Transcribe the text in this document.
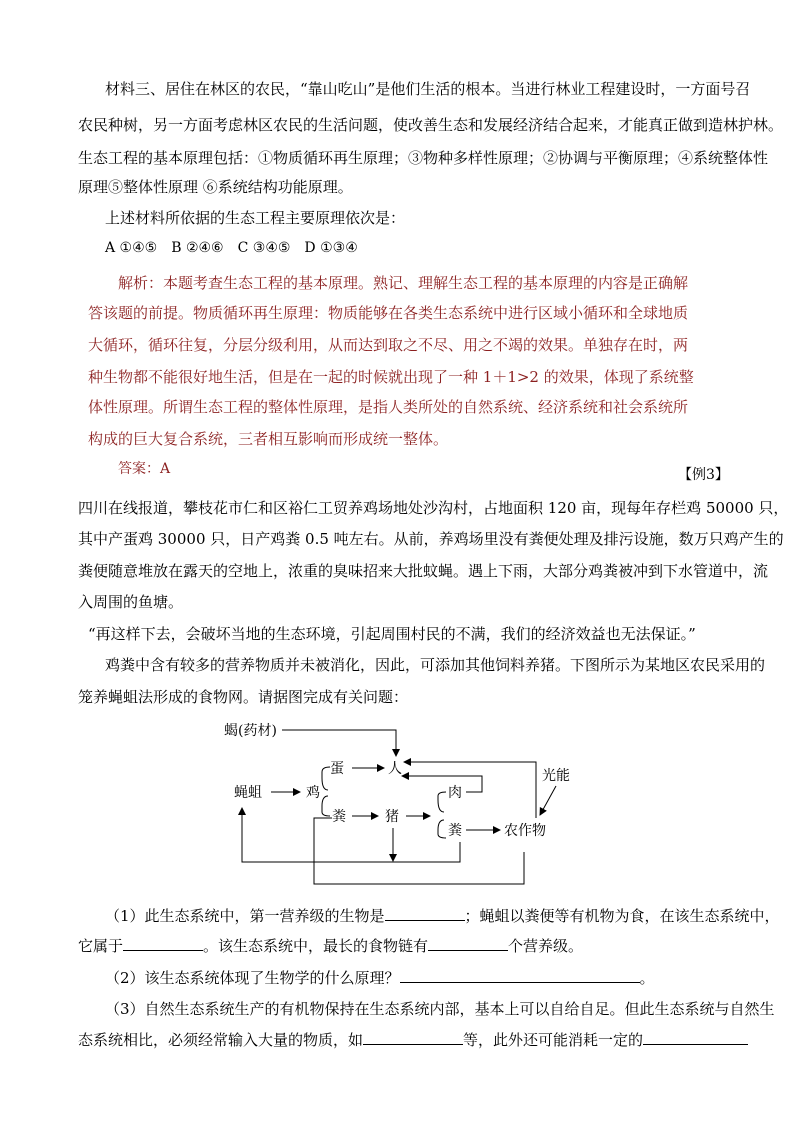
材料三、居住在林区的农民，“靠山吃山”是他们生活的根本。当进行林业工程建设时，一方面号召
农民种树，另一方面考虑林区农民的生活问题，使改善生态和发展经济结合起来，才能真正做到造林护林。
生态工程的基本原理包括：①物质循环再生原理；③物种多样性原理；②协调与平衡原理；④系统整体性
原理⑤整体性原理 ⑥系统结构功能原理。
上述材料所依据的生态工程主要原理依次是：
A ①④⑤　B ②④⑥　C ③④⑤　D ①③④
解析：本题考查生态工程的基本原理。熟记、理解生态工程的基本原理的内容是正确解
答该题的前提。物质循环再生原理：物质能够在各类生态系统中进行区域小循环和全球地质
大循环，循环往复，分层分级利用，从而达到取之不尽、用之不竭的效果。单独存在时，两
种生物都不能很好地生活，但是在一起的时候就出现了一种 1＋1>2 的效果，体现了系统整
体性原理。所谓生态工程的整体性原理，是指人类所处的自然系统、经济系统和社会系统所
构成的巨大复合系统，三者相互影响而形成统一整体。
答案：A	【例3】
四川在线报道，攀枝花市仁和区裕仁工贸养鸡场地处沙沟村，占地面积 120 亩，现每年存栏鸡 50000 只，
其中产蛋鸡 30000 只，日产鸡粪 0.5 吨左右。从前，养鸡场里没有粪便处理及排污设施，数万只鸡产生的
粪便随意堆放在露天的空地上，浓重的臭味招来大批蚊蝇。遇上下雨，大部分鸡粪被冲到下水管道中，流
入周围的鱼塘。
“再这样下去，会破坏当地的生态环境，引起周围村民的不满，我们的经济效益也无法保证。”
鸡粪中含有较多的营养物质并未被消化，因此，可添加其他饲料养猪。下图所示为某地区农民采用的
笼养蝇蛆法形成的食物网。请据图完成有关问题：
蝎(药材)
蛋	人
蝇蛆	鸡	肉
光能
粪	猪
粪	农作物
（1）此生态系统中，第一营养级的生物是	；蝇蛆以粪便等有机物为食，在该生态系统中，
它属于	。该生态系统中，最长的食物链有	个营养级。
（2）该生态系统体现了生物学的什么原理？	。
（3）自然生态系统生产的有机物保持在生态系统内部，基本上可以自给自足。但此生态系统与自然生
态系统相比，必须经常输入大量的物质，如	等，此外还可能消耗一定的
